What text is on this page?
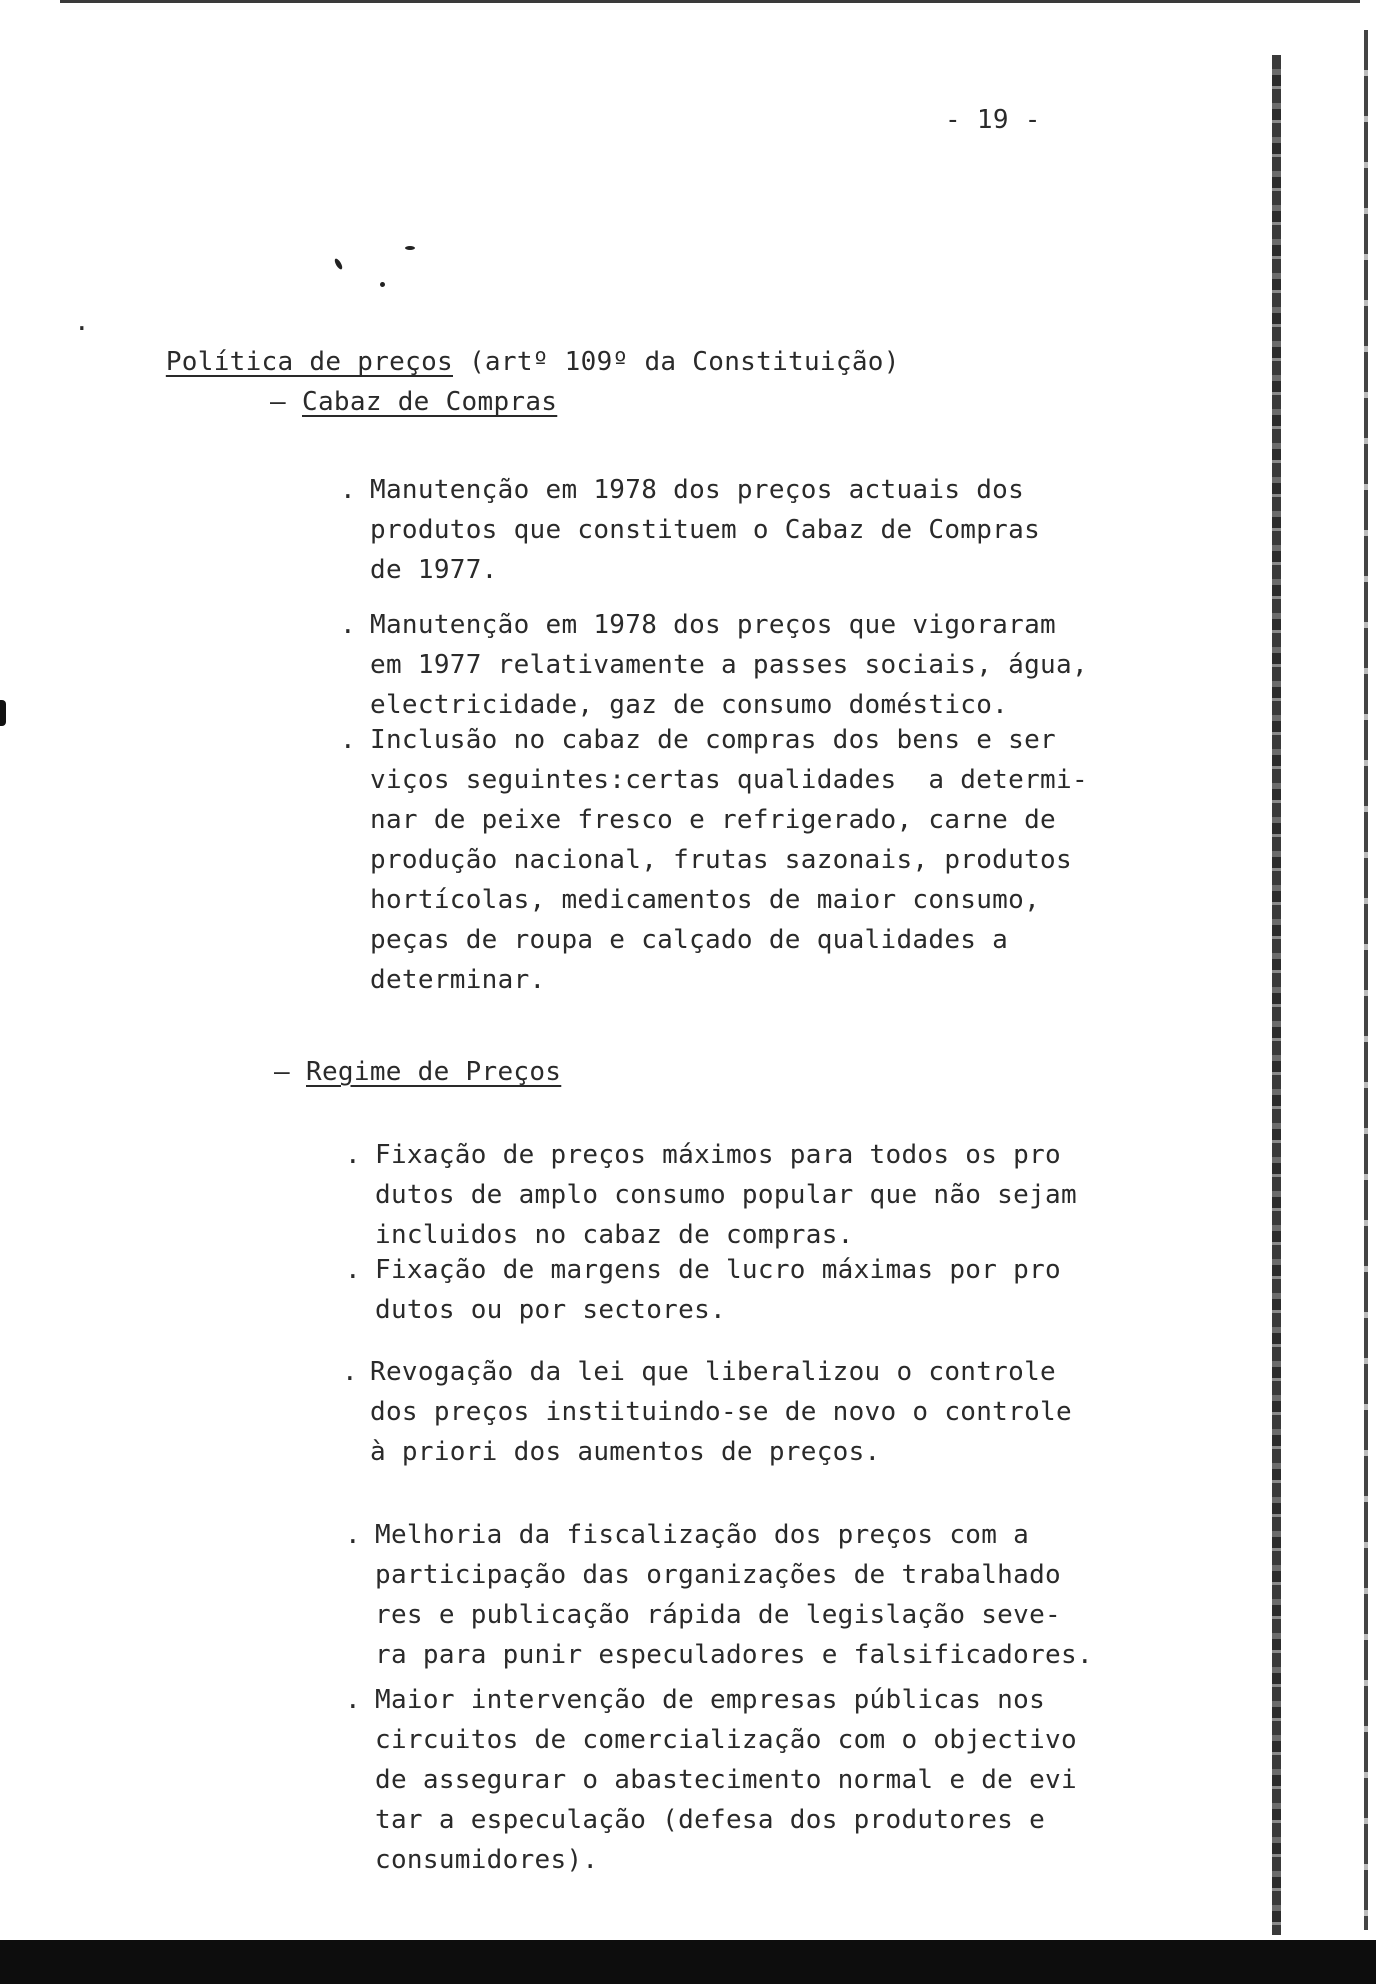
- 19 -
.

Política de preços (artº 109º da Constituição)

– Cabaz de Compras
. Manutenção em 1978 dos preços actuais dos
produtos que constituem o Cabaz de Compras
de 1977.
. Manutenção em 1978 dos preços que vigoraram
em 1977 relativamente a passes sociais, água,
electricidade, gaz de consumo doméstico.
. Inclusão no cabaz de compras dos bens e ser
viços seguintes:certas qualidades  a determi-
nar de peixe fresco e refrigerado, carne de
produção nacional, frutas sazonais, produtos
hortícolas, medicamentos de maior consumo,
peças de roupa e calçado de qualidades a
determinar.
– Regime de Preços
. Fixação de preços máximos para todos os pro
dutos de amplo consumo popular que não sejam
incluidos no cabaz de compras.
. Fixação de margens de lucro máximas por pro
dutos ou por sectores.
. Revogação da lei que liberalizou o controle
dos preços instituindo-se de novo o controle
à priori dos aumentos de preços.
. Melhoria da fiscalização dos preços com a
participação das organizações de trabalhado
res e publicação rápida de legislação seve-
ra para punir especuladores e falsificadores.
. Maior intervenção de empresas públicas nos
circuitos de comercialização com o objectivo
de assegurar o abastecimento normal e de evi
tar a especulação (defesa dos produtores e
consumidores).
